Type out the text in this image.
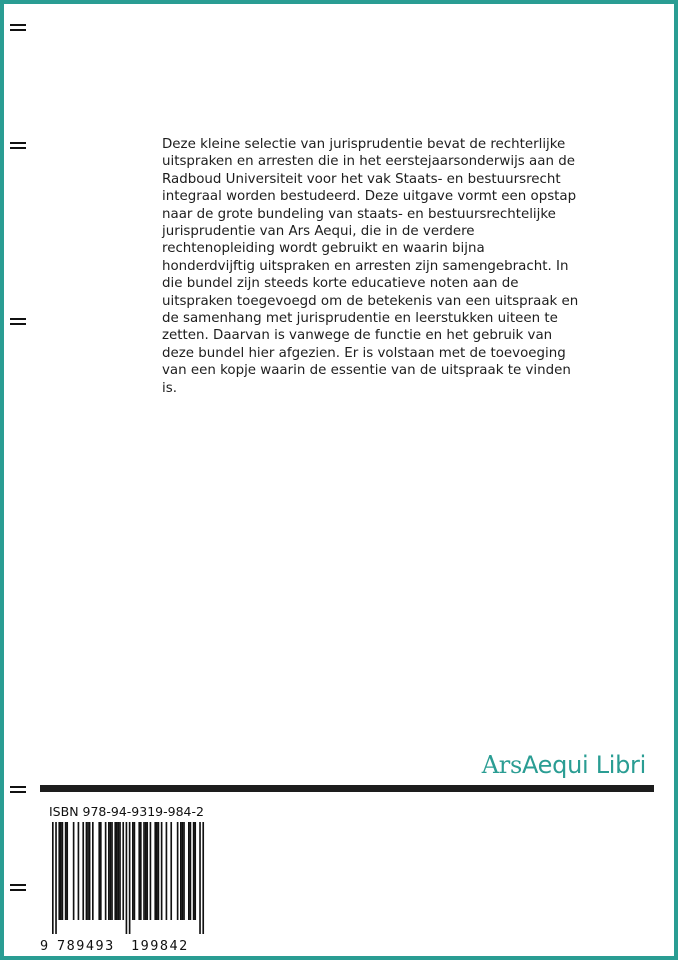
Deze kleine selectie van jurisprudentie bevat de rechterlijke
uitspraken en arresten die in het eerstejaarsonderwijs aan de
Radboud Universiteit voor het vak Staats- en bestuursrecht
integraal worden bestudeerd. Deze uitgave vormt een opstap
naar de grote bundeling van staats- en bestuursrechtelijke
jurisprudentie van Ars Aequi, die in de verdere
rechtenopleiding wordt gebruikt en waarin bijna
honderdvijftig uitspraken en arresten zijn samengebracht. In
die bundel zijn steeds korte educatieve noten aan de
uitspraken toegevoegd om de betekenis van een uitspraak en
de samenhang met jurisprudentie en leerstukken uiteen te
zetten. Daarvan is vanwege de functie en het gebruik van
deze bundel hier afgezien. Er is volstaan met de toevoeging
van een kopje waarin de essentie van de uitspraak te vinden
is.

ArsAequi Libri
ISBN 978-94-9319-984-2
9 789493 199842
